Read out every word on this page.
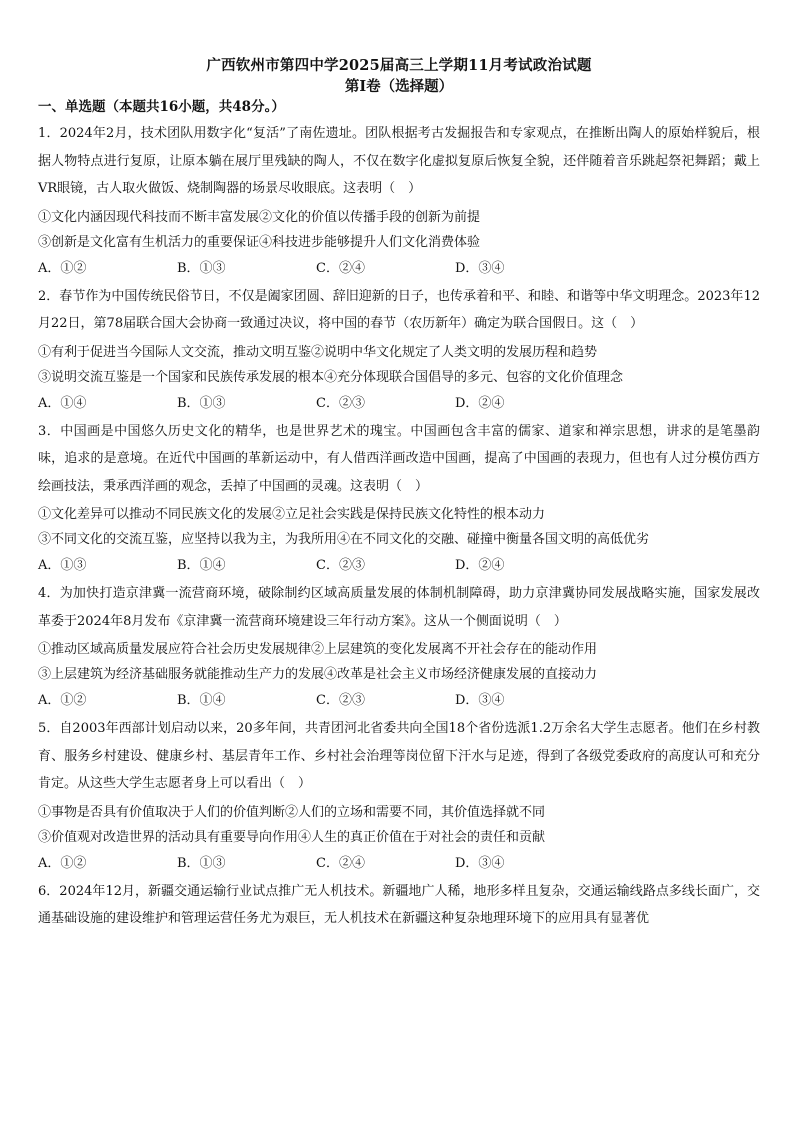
广西钦州市第四中学2025届高三上学期11月考试政治试题
第Ⅰ卷（选择题）
一、单选题（本题共16小题，共48分。）
1．2024年2月，技术团队用数字化“复活”了南佐遗址。团队根据考古发掘报告和专家观点，在推断出陶人的原始样貌后，根据人物特点进行复原，让原本躺在展厅里残缺的陶人，不仅在数字化虚拟复原后恢复全貌，还伴随着音乐跳起祭祀舞蹈；戴上VR眼镜，古人取火做饭、烧制陶器的场景尽收眼底。这表明（　）
①文化内涵因现代科技而不断丰富发展②文化的价值以传播手段的创新为前提
③创新是文化富有生机活力的重要保证④科技进步能够提升人们文化消费体验
A．①②	B．①③	C．②④	D．③④
2．春节作为中国传统民俗节日，不仅是阖家团圆、辞旧迎新的日子，也传承着和平、和睦、和谐等中华文明理念。2023年12月22日，第78届联合国大会协商一致通过决议，将中国的春节（农历新年）确定为联合国假日。这（　）
①有利于促进当今国际人文交流，推动文明互鉴②说明中华文化规定了人类文明的发展历程和趋势
③说明交流互鉴是一个国家和民族传承发展的根本④充分体现联合国倡导的多元、包容的文化价值理念
A．①④	B．①③	C．②③	D．②④
3．中国画是中国悠久历史文化的精华，也是世界艺术的瑰宝。中国画包含丰富的儒家、道家和禅宗思想，讲求的是笔墨韵味，追求的是意境。在近代中国画的革新运动中，有人借西洋画改造中国画，提高了中国画的表现力，但也有人过分模仿西方绘画技法，秉承西洋画的观念，丢掉了中国画的灵魂。这表明（　）
①文化差异可以推动不同民族文化的发展②立足社会实践是保持民族文化特性的根本动力
③不同文化的交流互鉴，应坚持以我为主，为我所用④在不同文化的交融、碰撞中衡量各国文明的高低优劣
A．①③	B．①④	C．②③	D．②④
4．为加快打造京津冀一流营商环境，破除制约区域高质量发展的体制机制障碍，助力京津冀协同发展战略实施，国家发展改革委于2024年8月发布《京津冀一流营商环境建设三年行动方案》。这从一个侧面说明（　）
①推动区域高质量发展应符合社会历史发展规律②上层建筑的变化发展离不开社会存在的能动作用
③上层建筑为经济基础服务就能推动生产力的发展④改革是社会主义市场经济健康发展的直接动力
A．①②	B．①④	C．②③	D．③④
5．自2003年西部计划启动以来，20多年间，共青团河北省委共向全国18个省份选派1.2万余名大学生志愿者。他们在乡村教育、服务乡村建设、健康乡村、基层青年工作、乡村社会治理等岗位留下汗水与足迹，得到了各级党委政府的高度认可和充分肯定。从这些大学生志愿者身上可以看出（　）
①事物是否具有价值取决于人们的价值判断②人们的立场和需要不同，其价值选择就不同
③价值观对改造世界的活动具有重要导向作用④人生的真正价值在于对社会的责任和贡献
A．①②	B．①③	C．②④	D．③④
6．2024年12月，新疆交通运输行业试点推广无人机技术。新疆地广人稀，地形多样且复杂，交通运输线路点多线长面广，交通基础设施的建设维护和管理运营任务尤为艰巨，无人机技术在新疆这种复杂地理环境下的应用具有显著优
